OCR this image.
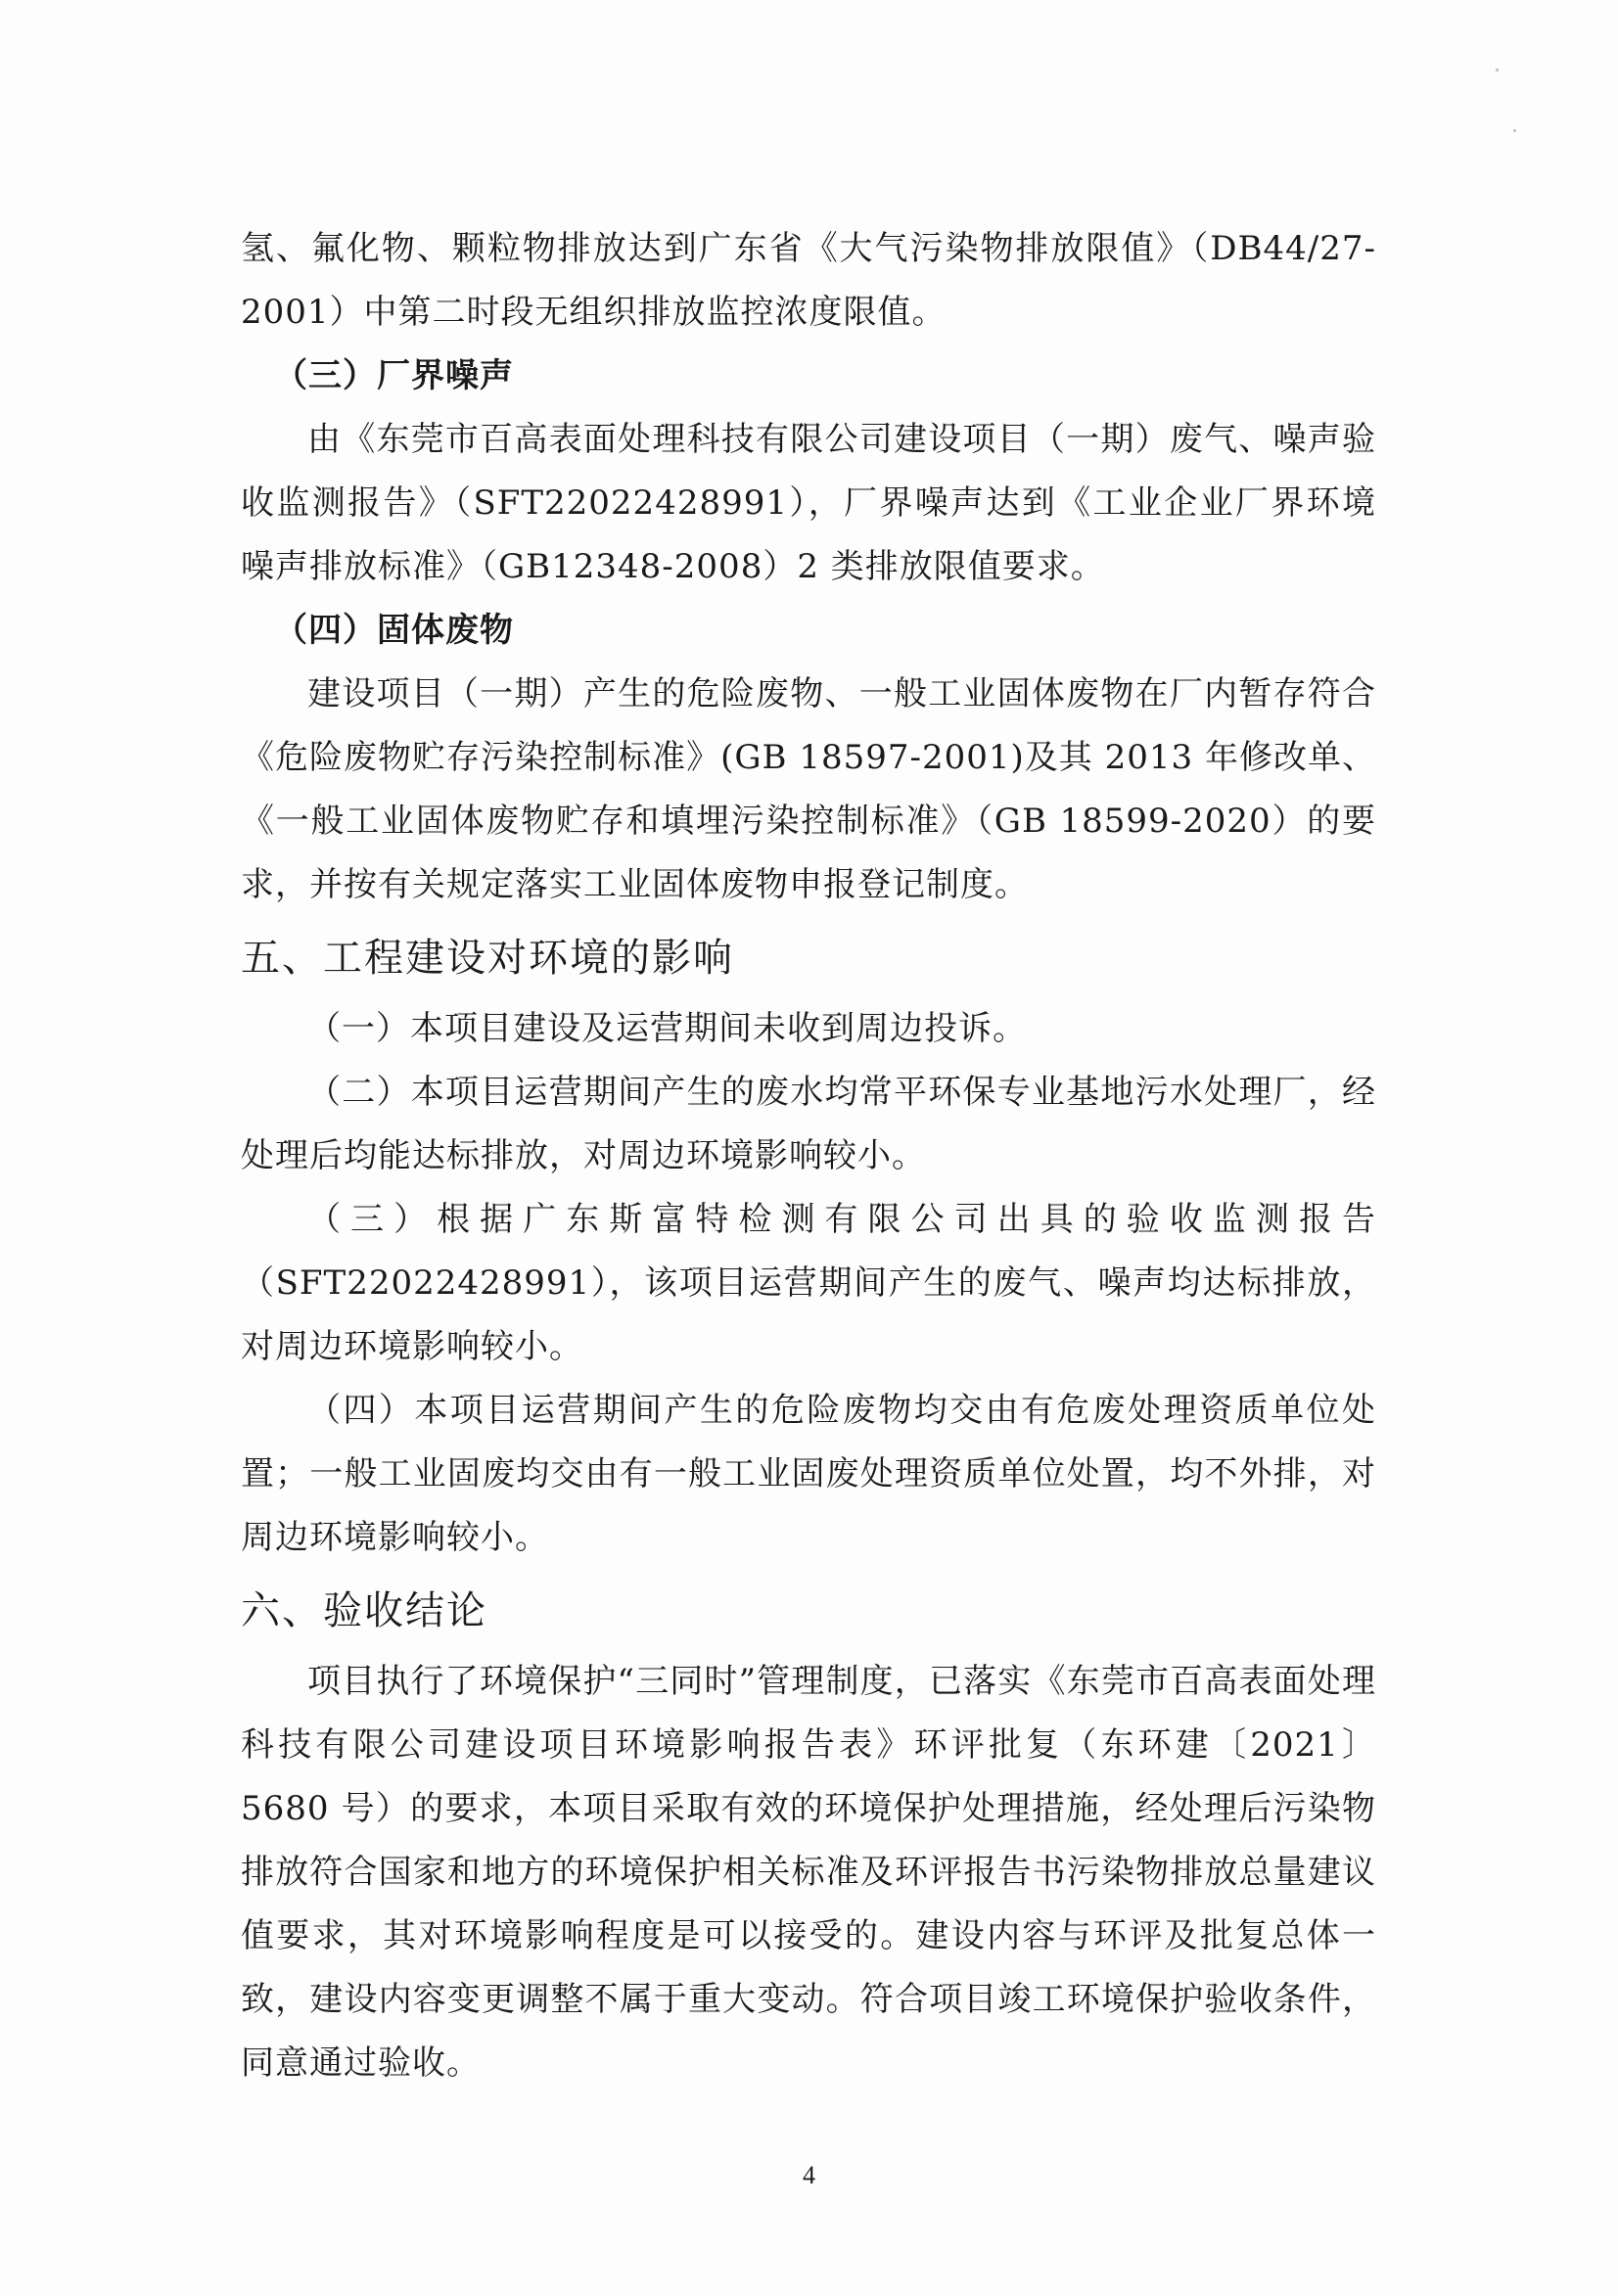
氢、氟化物、颗粒物排放达到广东省《大气污染物排放限值》（DB44/27-2001）中第二时段无组织排放监控浓度限值。

（三）厂界噪声

由《东莞市百高表面处理科技有限公司建设项目（一期）废气、噪声验收监测报告》（SFT22022428991），厂界噪声达到《工业企业厂界环境噪声排放标准》（GB12348-2008）2 类排放限值要求。

（四）固体废物

建设项目（一期）产生的危险废物、一般工业固体废物在厂内暂存符合《危险废物贮存污染控制标准》(GB 18597-2001)及其 2013 年修改单、《一般工业固体废物贮存和填埋污染控制标准》（GB 18599-2020）的要求，并按有关规定落实工业固体废物申报登记制度。

五、工程建设对环境的影响

（一）本项目建设及运营期间未收到周边投诉。

（二）本项目运营期间产生的废水均常平环保专业基地污水处理厂，经处理后均能达标排放，对周边环境影响较小。

（三）根据广东斯富特检测有限公司出具的验收监测报告（SFT22022428991），该项目运营期间产生的废气、噪声均达标排放，对周边环境影响较小。

（四）本项目运营期间产生的危险废物均交由有危废处理资质单位处置；一般工业固废均交由有一般工业固废处理资质单位处置，均不外排，对周边环境影响较小。

六、验收结论

项目执行了环境保护“三同时”管理制度，已落实《东莞市百高表面处理科技有限公司建设项目环境影响报告表》环评批复（东环建〔2021〕5680 号）的要求，本项目采取有效的环境保护处理措施，经处理后污染物排放符合国家和地方的环境保护相关标准及环评报告书污染物排放总量建议值要求，其对环境影响程度是可以接受的。建设内容与环评及批复总体一致，建设内容变更调整不属于重大变动。符合项目竣工环境保护验收条件，同意通过验收。

4
